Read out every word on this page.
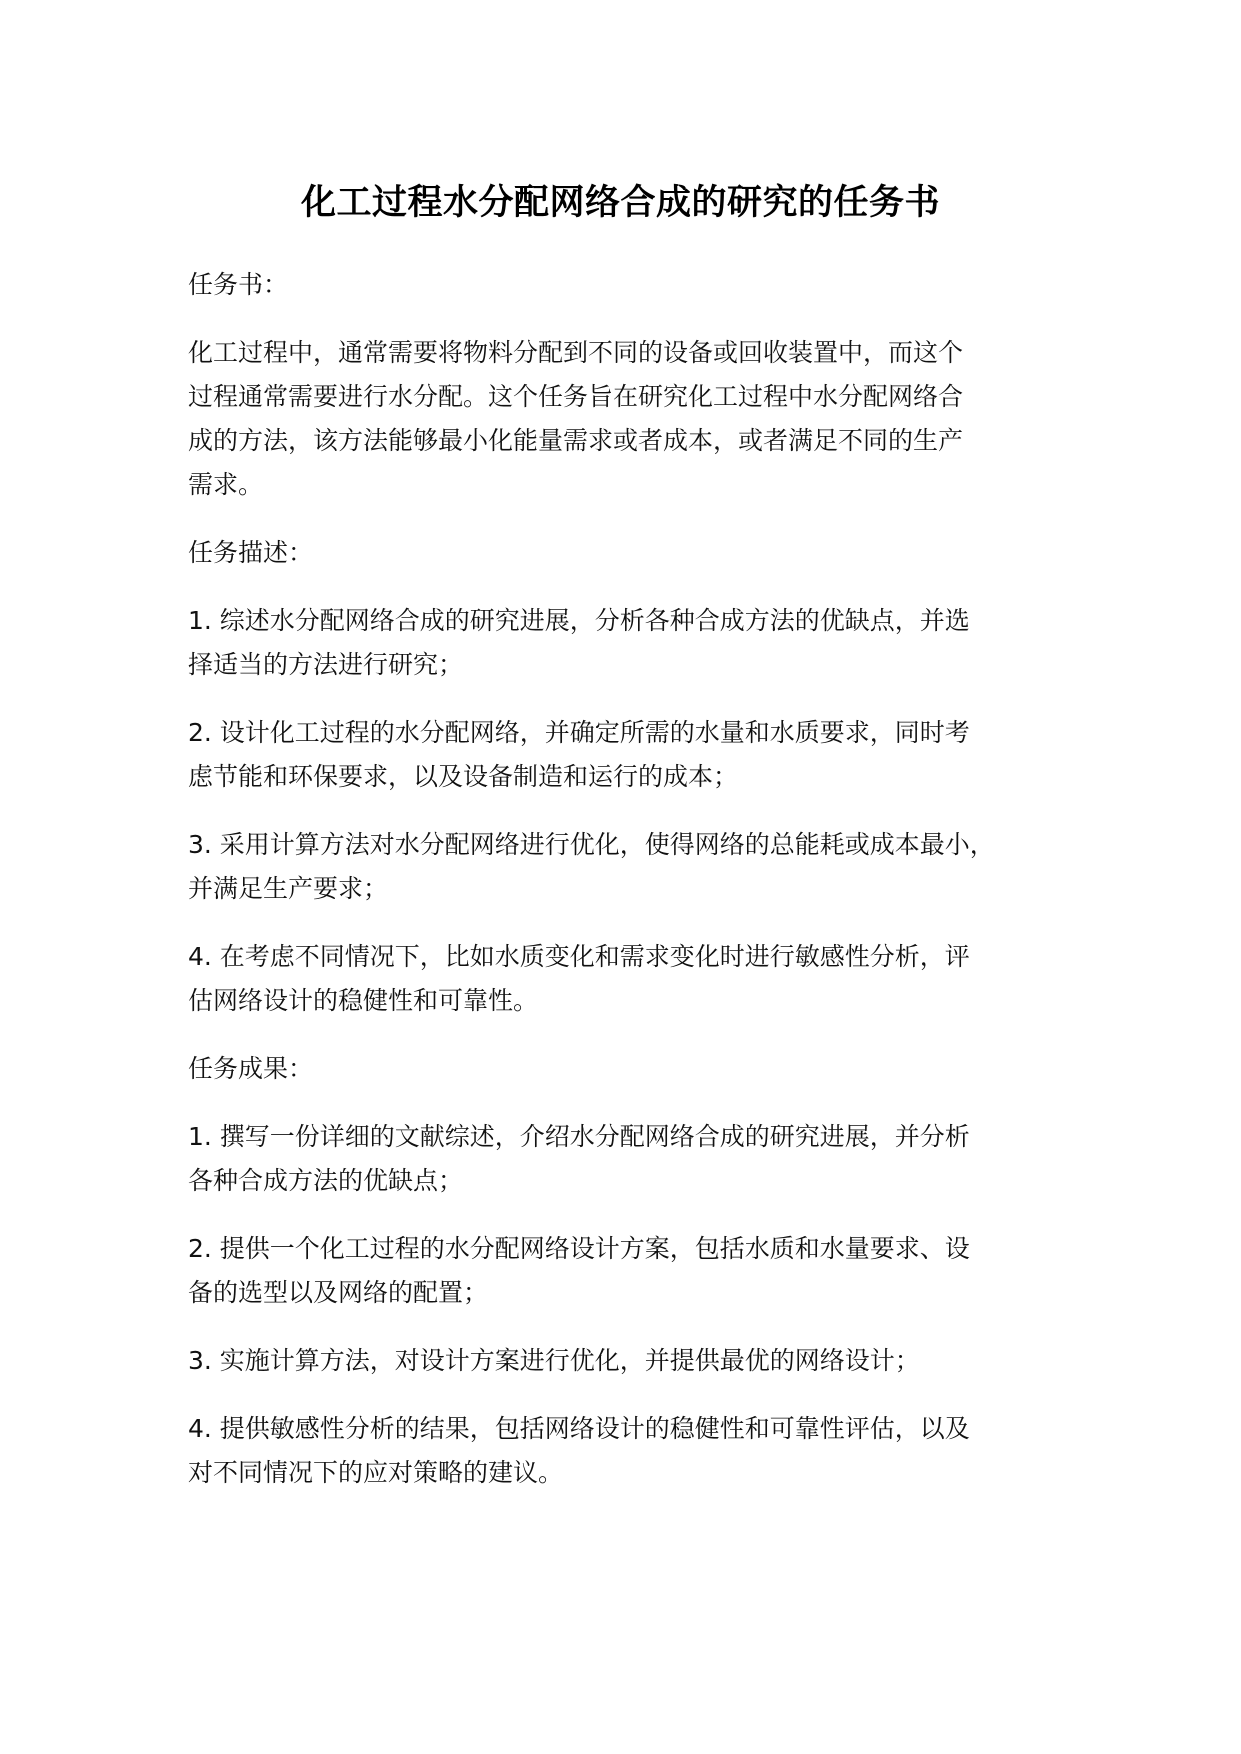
化工过程水分配网络合成的研究的任务书

任务书：

化工过程中，通常需要将物料分配到不同的设备或回收装置中，而这个
过程通常需要进行水分配。这个任务旨在研究化工过程中水分配网络合
成的方法，该方法能够最小化能量需求或者成本，或者满足不同的生产
需求。

任务描述：

1. 综述水分配网络合成的研究进展，分析各种合成方法的优缺点，并选
择适当的方法进行研究；

2. 设计化工过程的水分配网络，并确定所需的水量和水质要求，同时考
虑节能和环保要求，以及设备制造和运行的成本；

3. 采用计算方法对水分配网络进行优化，使得网络的总能耗或成本最小，
并满足生产要求；

4. 在考虑不同情况下，比如水质变化和需求变化时进行敏感性分析，评
估网络设计的稳健性和可靠性。

任务成果：

1. 撰写一份详细的文献综述，介绍水分配网络合成的研究进展，并分析
各种合成方法的优缺点；

2. 提供一个化工过程的水分配网络设计方案，包括水质和水量要求、设
备的选型以及网络的配置；

3. 实施计算方法，对设计方案进行优化，并提供最优的网络设计；

4. 提供敏感性分析的结果，包括网络设计的稳健性和可靠性评估，以及
对不同情况下的应对策略的建议。
